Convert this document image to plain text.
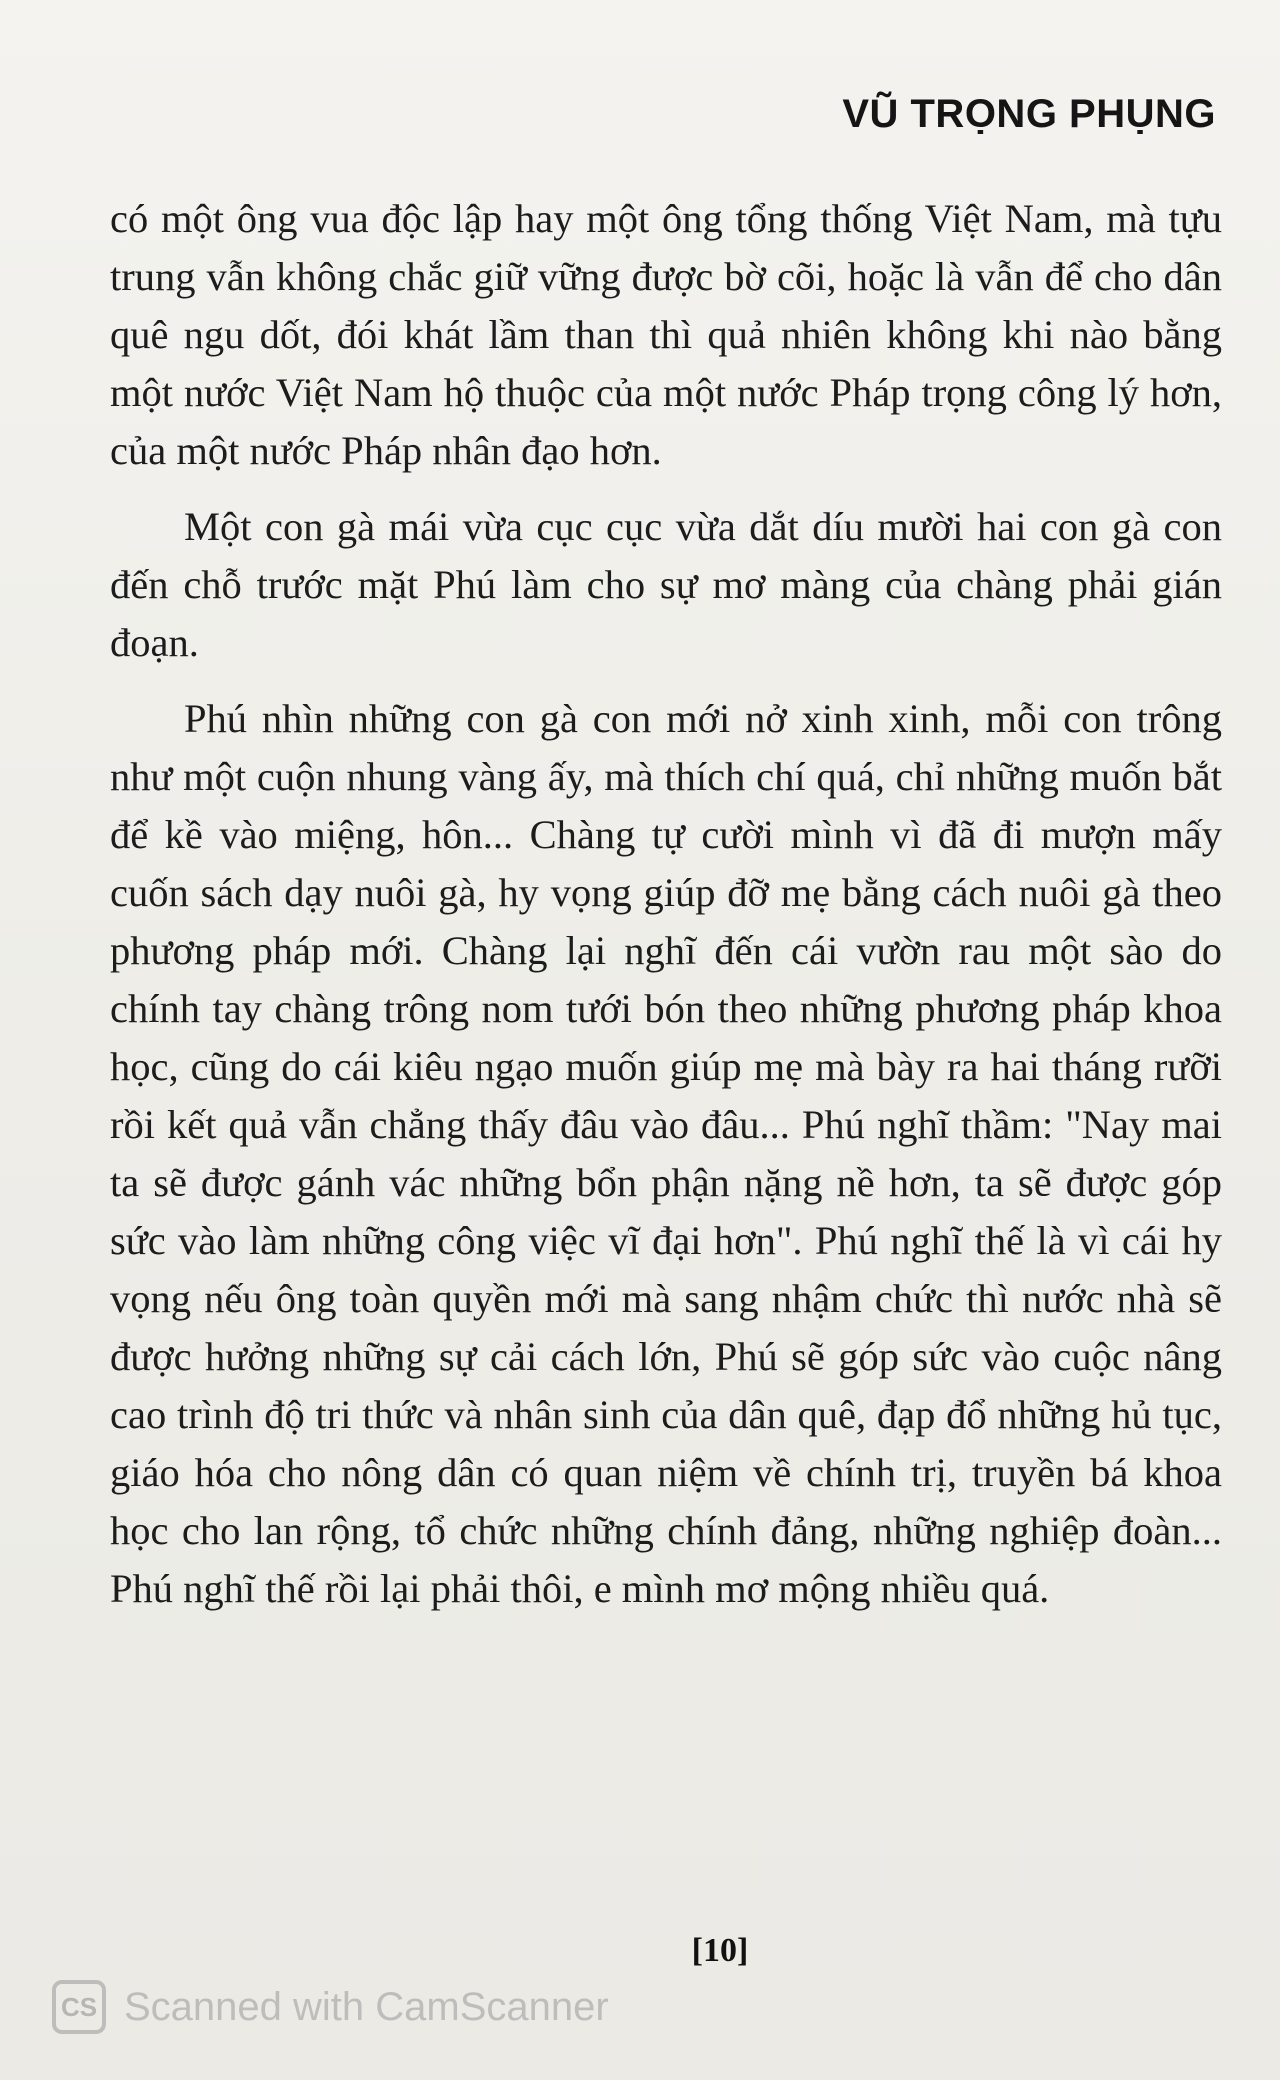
VŨ TRỌNG PHỤNG

có một ông vua độc lập hay một ông tổng thống Việt Nam, mà tựu trung vẫn không chắc giữ vững được bờ cõi, hoặc là vẫn để cho dân quê ngu dốt, đói khát lầm than thì quả nhiên không khi nào bằng một nước Việt Nam hộ thuộc của một nước Pháp trọng công lý hơn, của một nước Pháp nhân đạo hơn.

Một con gà mái vừa cục cục vừa dắt díu mười hai con gà con đến chỗ trước mặt Phú làm cho sự mơ màng của chàng phải gián đoạn.

Phú nhìn những con gà con mới nở xinh xinh, mỗi con trông như một cuộn nhung vàng ấy, mà thích chí quá, chỉ những muốn bắt để kề vào miệng, hôn... Chàng tự cười mình vì đã đi mượn mấy cuốn sách dạy nuôi gà, hy vọng giúp đỡ mẹ bằng cách nuôi gà theo phương pháp mới. Chàng lại nghĩ đến cái vườn rau một sào do chính tay chàng trông nom tưới bón theo những phương pháp khoa học, cũng do cái kiêu ngạo muốn giúp mẹ mà bày ra hai tháng rưỡi rồi kết quả vẫn chẳng thấy đâu vào đâu... Phú nghĩ thầm: "Nay mai ta sẽ được gánh vác những bổn phận nặng nề hơn, ta sẽ được góp sức vào làm những công việc vĩ đại hơn". Phú nghĩ thế là vì cái hy vọng nếu ông toàn quyền mới mà sang nhậm chức thì nước nhà sẽ được hưởng những sự cải cách lớn, Phú sẽ góp sức vào cuộc nâng cao trình độ tri thức và nhân sinh của dân quê, đạp đổ những hủ tục, giáo hóa cho nông dân có quan niệm về chính trị, truyền bá khoa học cho lan rộng, tổ chức những chính đảng, những nghiệp đoàn... Phú nghĩ thế rồi lại phải thôi, e mình mơ mộng nhiều quá.

[10]
CS Scanned with CamScanner
